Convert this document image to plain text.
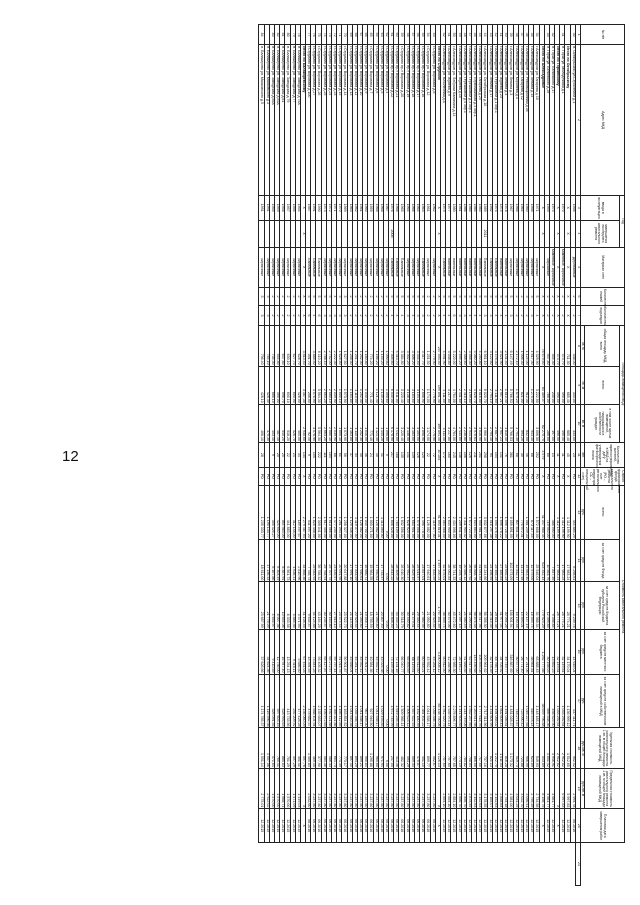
12
№ п/п	Адрес МКД	Год		Материал стен	Количество этажей	Количество подъездов	Площадь помещений МКД:			Количество жителей, зарегистрированных в МКД на дату утверждения краткосрочного плана	Способ формирования фонда капитального ремонта (РО – счет регионального оператора, СС – специальный счет)	Стоимость капитального ремонта					Удельная стоимость капитального ремонта 1 кв. м общей площади помещений МКД	Предельная стоимость капитального ремонта 1 кв. м общей площади помещений МКД	Плановая дата завершения работ	
		ввода в эксплуатацию	завершения последнего капитального ремонта				общая площадь МКД, всего	всего:	в том числе жилых помещений, находящихся в собственности граждан			всего:	за счет средств Фонда	за счет средств бюджета субъекта Российской Федерации	за счет средств местного бюджета	за счет средств собственников помещений в МКД				
							кв. м	кв. м	кв. м	чел.		руб.	руб.	руб.	руб.	руб.	руб./кв. м	руб./кв. м		
1	2	3	4	5	6	7	8	9	10	11	12	13	14	15	16	17	18	19	20	21
30	п. Октябрьский ул.Строителей д.1	1956		Деревянные	2	2	338,00	333,00	333,00	23	РО	444 885,29	6 298,61	9 239,78	14 616,04	437 111,71	902,52	2 994,78	06.2016	
	Итого по Октябрьскому	X	X	X	X	X	711,30	685,40	685,40	45	X	1 112 199,90	17 983,24	28 774,21	34 170,04	1 136 999,12	1 512,65	5 997,83	12.2015	
31	п. Горки ул. Молодёжная д.1	1970		Каменные, кирпичные	2	2	373,70	490,50	490,50	11	РО	1 112 199,90	17 983,24	28 774,21	32 149,81	1 033 292,64	2 912,82	6 997,83	12.2015	
	Итого по Горкинскому	X	X	X	X	X	373,70	490,50	490,50	11	X	1 112 199,90	17 983,24	28 774,21	32 149,81	1 033 292,64	2 912,82	X	X	
32	п. Горки ул. Белинского д.17	1975		Каменные, кирпичные	2	2	354,30	235,00	197,00	14	РО	488 590,00	7 847,39	9 398,84	13 852,23	458 525,90	1 946,91	4 661,77	12.2015	
33	п. Горки ул. Белинского д.29	1959		каркасные	2	2	937,80	786,00	286,60	60	РО	719 940,00	10 563,76	12 399,85	30 198,03	666 538,36	1 851,42	4 661,77	12.2015	
	Итого по Алексадровке	X	X	X	X	X	76 679,60	64 389,07	62 275,70	3 579	X	41 347 980,44	623 342,14	779 923,29	1 292 777,88	38 659 796,88	543,89	8 198,75	X	
34	г.Александров ул. Гагарина д.10	1971		кирпичные	5	4	4 329,90	3 222,50	3 006,50	202	РО	1 572 608,00	25 548,04	34 988,34	63 888,45	1 448 183,17	549,93	2 734,58	12.2015	
35	г.Александров ул. Ленина д.14	1956		кирпичные	3	3	1 617,30	1 275,00	943,40	68	РО	873 117,44	12 579,05	18 555,74	38 664,81	816 578,14	624,09	2 795,39	12.2015	
36	г.Александров ул. Революционная д.36	1960		кирпичные	3	2	1 124,00	912,30	832,00	46	РО	1 081 249,33	15 663,40	22 147,19	27 211,06	1 016 227,68	956,99	3 056,41	12.2015	
37	г.Александров ул. Гагарина д.12	1964		кирпичные	2	2	1 006,30	821,00	593,20	30	РО	776 972,31	11 217,48	15 893,01	26 771,40	723 090,42	724,88	3 022,70	12.2015	
38	г.Александров ул. Королева д.3	1966		кирпичные	2	2	2 172,10	1 879,20	1 791,30	68	РО	807 831,32	12 832,17	16 150,48	30 577,00	748 271,67	519,73	3 031,25	12.2015	
39	г.Александров ул. Ленина д.3	1967		кирпичные	5	3	6 147,49	5 766,53	5 766,53	381	РО	6 059 891,09	102 073,09	158 901,94	316 887,69	4 481 028,37	1 173,32	4 581,00	12.2015	
40	г.Александров ул. Ленина д.3	1978		панельные	5	1	2 131,40	1 810,40	1 810,40	76	РО	1 596 728,05	25 692,23	30 094,26	49 749,77	1 491 036,81	816,28	2 754,18	12.2015	
41	г.Александров ул. Жулева д.23	1974		панельные	5	4	3 521,90	2 957,21	2 957,21	141	РО	1 696 478,22	27 185,83	31 977,04	34 705,92	1 602 609,43	1 011,53	2 858,64	12.2015	
42	г.Александров ул. Терешковой д.1 кор.1	1975		Панельные	5	4	3 476,30	3 111,60	2 687,30	154	РО	1 595 376,00	25 465,23	29 811,38	48 766,71	1 494 058,02	1 212,70	3 152,63	12.2015	
43	г.Александров ул. Ленина д.17	1992		Панельные	5	3	3 122,60	2 794,10	2 794,10	94	РО	1 516 297,38	24 198,55	28 315,35	32 178,39	1 431 604,99	821,13	3 165,07	12.2015	
44	г.Александров ул. Октябрьская д.10	1989	2011	Панельные	5	3	6 561,10	6 020,70	4 960,10	298	РО	3 032 877,56	48 244,66	56 356,30	209 964,62	2 717 311,96	737,16	3 178,55	12.2015	
45	г.Александров ул. Гагарина д.24	1983		панельные	5	4	4 250,80	3 816,80	3 616,90	201	РО	1 950 981,64	31 051,84	36 417,96	105 893,08	1 777 618,76	717,60	3 152,63	12.2015	
46	г.Александров ул. Первомайская д.4 кор.1	1984		панельные	5	4	5 080,20	4 628,70	3 970,61	211	РО	4 604 864,00	98 888,76	98 876,58	143 456,68	4 263 641,98	866,00	3 152,63	12.2015	
47	г.Александров ул. Терешковой д.3 кор.1	1985		панельные	5	4	3 468,30	3 199,80	2 914,80	126	РО	1 672 724,00	26 657,92	31 290,40	62 517,83	1 552 257,85	758,04	2 878,55	12.2015	
48	г.Александров ул. Терешковой д.5 кор.1	1986		панельные	5	3	2 588,60	2 416,10	2 236,80	106	РО	1 311 904,52	20 886,12	24 580,49	51 688,85	1 214 749,06	784,82	2 856,70	12.2015	
49	г.Александров ул. Жулева д.10	1981		панельные	5	3	2 695,20	2 431,60	2 431,60	136	РО	1 209 641,00	19 293,75	22 597,15	26 146,27	1 141 603,83	774,19	2 856,70	12.2015	
50	г.Александров ул. Фабрики Калинина д.14	1980		панельные	5	6	5 220,00	4 764,00	4 764,00	245	РО	2 434 096,00	38 741,33	45 472,60	72 985,30	2 276 896,77	757,65	2 854,10	12.2015	
51	г.Александров ул. Жулева д.9	1977		панельные	5	4	3 538,80	3 217,80	3 217,80	160	РО	1 634 900,00	26 062,84	30 575,06	42 288,96	1 535 973,14	757,65	2 854,10	12.2015	
52	г.Александров ул. Юбилейная д.8	1979		Панельные	5	4	4 491,90	4 111,50	4 111,50	172	РО	2 064 568,00	32 875,01	38 559,74	50 812,50	1 942 320,75	757,65	2 854,10	12.2015	
	Итого по Струнино	X	X	X	X	X	237 593,50	199 891,40	199 891,40	10 284	X	91 893 810,31	1 497 200,24	1 767 851,89	3 190 008,12	85 438 750,06	1 126,13	X	X	
53	г.Струнино ул. Воронина д.8	1962		кирпичные	2	2	2 779,90	2 779,90	2 779,90	72	РО	1 119 377,00	17 833,59	20 925,54	45 281,12	1 035 336,75	402,67	3 237,80	06.2016	
54	г.Струнино ул. Воронина д.12	1961		кирпичные	2	2	1 251,50	1 174,00	1 174,00	22	РО	1 126 082,00	17 940,61	21 050,80	45 552,42	1 041 538,17	899,77	3 237,80	06.2016	
55	г.Струнино пр-т Воронина д.16	1963		Панельные	5	3	3 317,70	2 898,90	2 898,90	125	РО	1 496 778,00	23 847,01	27 980,56	60 548,21	1 384 402,22	451,15	3 237,80	06.2016	
56	г.Струнино пр-т Воронина д.17	1964		кирпичные	5	3	3 334,40	3 154,00	3 154,00	126	РО	1 570 058,00	25 014,57	29 350,44	63 512,60	1 452 180,39	470,87	3 237,80	06.2016	
57	г.Струнино пр-т Воронина д.18	1966		кирпичные	5	4	3 306,20	3 183,60	3 183,60	149	РО	1 683 951,00	26 829,15	31 479,51	68 119,81	1 557 522,53	509,34	3 237,80	06.2016	
58	г.Струнино пр-т Воронина д.19	1964		кирпичные	5	3	3 302,20	3 138,50	3 138,50	141	РО	1 628 920,00	25 952,37	30 450,82	65 893,69	1 506 623,12	493,29	3 237,80	06.2016	
59	г.Струнино пр-т Воронина д.20	1965		Панельные	5	4	3 384,80	3 220,40	3 220,40	135	РО	1 632 556,00	26 010,30	30 518,79	66 040,77	1 509 986,14	482,32	3 237,80	06.2016	
60	г.Струнино пр-т Воронина д.21	1966		Панельные	5	4	4 313,70	4 011,00	4 011,00	168	РО	1 783 109,00	28 409,26	33 333,23	72 131,16	1 649 235,35	413,36	3 237,80	06.2016	
61	г.Струнино пр-т Воронина д.22	1976	2008	Панельные	5	4	7 305,60	6 530,00	6 178,90	217	РО	1 808 528,00	28 814,22	33 808,40	73 159,39	1 672 745,99	247,55	3 237,80	06.2016	
62	г.Струнино ул. Воронина д.4	1967		кирпичные	2	2	1 090,60	1 090,60	1 090,60	0	РО	0,00	0,00	0,00	0,00	0,00	0,00	3 237,80	06.2016	
63	г.Струнино ул. Воронина д.5	1968		кирпичные	2	2	1 145,20	1 145,20	1 145,20	41	РО	1 113 060,00	17 733,37	20 807,40	45 025,38	1 029 493,85	971,94	3 237,80	06.2016	
64	г.Струнино ул. Воронина д.6	1968		кирпичные	2	2	1 166,20	1 121,40	1 121,40	40	РО	1 126 082,00	17 940,61	21 050,80	45 552,42	1 041 538,17	965,60	3 237,80	06.2016	
65	г.Струнино ул. Воронина д.7	1959		кирпичные	2	2	774,20	771,40	771,40	24	РО	1 003 271,00	15 984,55	18 755,59	40 584,36	927 946,50	1 295,88	3 237,80	06.2016	
66	г.Струнино ул. Воронина д.9	1960		кирпичные	2	2	1 160,80	1 040,00	1 040,00	36	РО	1 045 700,00	16 660,72	19 548,71	42 301,27	967 189,30	900,84	3 237,80	06.2016	
67	г.Струнино ул. Воронина д.10	1961		кирпичные	2	2	1 252,30	1 252,30	1 252,30	40	РО	1 126 082,00	17 940,61	21 050,80	45 552,42	1 041 538,17	899,21	3 237,80	06.2016	
68	г.Струнино ул. Воронина д.11	1962		кирпичные	2	2	1 251,70	1 110,00	1 110,00	34	РО	1 119 377,00	17 833,59	20 925,54	45 281,12	1 035 336,75	894,29	3 237,80	06.2016	
69	г.Струнино ул. Воронина д.13	1963		кирпичные	2	2	1 258,50	1 163,80	1 163,80	37	РО	1 129 436,00	17 994,10	21 113,48	45 688,04	1 044 640,38	897,45	3 237,80	06.2016	
70	г.Струнино ул. Воронина д.14	1969		кирпичные	3	3	1 627,50	1 573,90	1 573,90	56	РО	1 258 327,00	20 047,88	23 522,73	50 901,87	1 163 854,52	773,17	3 237,80	06.2016	
71	г.Струнино ул. Воронина д.15	1970		кирпичные	3	3	1 628,50	1 600,10	1 600,10	61	РО	1 261 093,00	20 091,95	23 574,44	51 013,76	1 166 412,85	774,39	3 237,80	06.2016	
72	г.Струнино ул. Воронина д.23	1971		кирпичные	4	3	2 222,30	2 039,90	2 039,90	88	РО	1 477 230,00	23 535,57	27 615,13	59 757,44	1 366 321,86	664,73	3 237,80	06.2016	
73	г.Струнино ул. Воронина д.24	1972		кирпичные	5	3	2 752,00	2 680,10	2 680,10	104	РО	1 613 566,00	25 707,75	30 163,80	65 272,57	1 492 421,88	586,33	3 237,80	06.2016	
74	г.Струнино ул. Воронина д.25	1973		кирпичные	5	3	2 768,10	2 663,20	2 663,20	111	РО	1 617 405,00	25 768,91	30 235,57	65 427,87	1 495 972,65	584,30	3 237,80	06.2016	
75	г.Струнино ул. Воронина д.26	1990		Панельные	5	6	6 110,20	5 564,30	5 564,30	222	РО	2 309 041,00	36 788,32	43 164,29	93 405,32	2 135 683,07	377,90	3 237,80	06.2016	
76	г.Струнино ул. Воронина д.27	1991		Панельные	5	4	3 888,50	3 576,90	3 576,90	155	РО	1 825 458,00	29 083,93	34 124,88	73 844,25	1 688 404,94	469,45	3 237,80	06.2016	
77	г.Струнино ул. Воронина д.100	1987		Панельные	5	6	391,70	256,50	92,40	9	РО	511 497,20	7 785,73	9 634,57	15 394,53	478 682,37	1 305,84	2 032,60	06.2016	
	Итого по Балакиревскому	X	X	X	X	X	3 813,40	3 387,30	2 930,60	134	X	2 279 487,94	34 868,36	41 108,46	67 451,03	2 136 060,09	597,76	X	X	
78	п. Балакирево ул. Заводская д.75А	1954		кирпичные	2	2	628,70	426,50	405,00	34	РО	189 497,67	2 810,96	3 571,93	5 686,50	177 428,28	301,41	1 449,03	12.2015	
79	п. Балакирево ул. Заводская д.77	1956		кирпичные	2	2	627,70	600,90	526,70	24	РО	312 148,00	4 636,41	5 885,56	9 416,11	292 209,92	497,29	1 471,09	12.2015	
80	п. Балакирево ул. Заводская д.79	1957		кирпичные	2	2	630,10	600,10	518,20	22	РО	441 883,00	6 561,73	8 333,58	13 254,13	413 733,56	701,29	1 570,00	12.2015	
81	п. Балакирево ул. Заводская д.81	1958		кирпичные	2	2	637,80	598,70	540,20	25	РО	564 983,00	8 387,91	10 654,06	16 947,40	528 993,63	885,83	1 668,71	12.2015	
82	п. Балакирево ул. Заводская д.83А	1959		кирпичные	2	2	554,80	495,00	487,40	20	РО	424 650,00	6 303,49	8 007,36	12 736,00	397 603,15	765,41	1 570,00	12.2015	
83	п. Балакирево ул. Заводская д.85А	1955		кирпичные	2	2	734,30	666,10	453,10	9	РО	346 326,27	6 167,86	4 655,97	9 410,89	326 091,55	471,64	1 570,00	12.2015	
	п. Балакирево ул. Маяковского д.3	1991		кирпичные	3	3	764,10	428,30	375,30		РО	1 190 133,77	17 136,34	21 776,09	34 624,36	1 116 596,98	1 557,56	2 922,02	12.2015	
84	п. Балакирево ул. Маяковского д.5	1991		кирпичные	3	3	796,40	428,10	406,10	28	РО	1 235 333,77	18 611,00	23 687,99	37 626,66	1 174 785,37	1 551,14	2 775,01	12.2015	
